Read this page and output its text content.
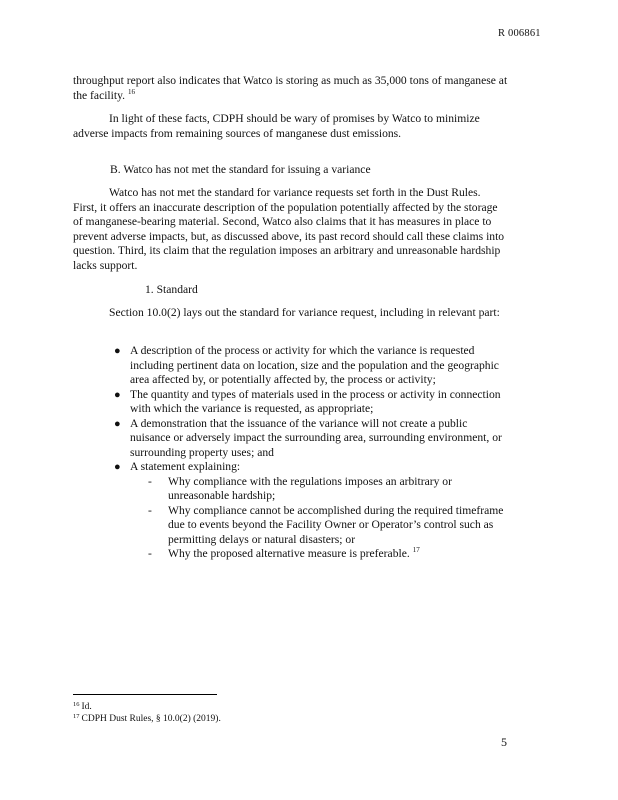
R 006861
throughput report also indicates that Watco is storing as much as 35,000 tons of manganese at the facility. $^{16}$
In light of these facts, CDPH should be wary of promises by Watco to minimize adverse impacts from remaining sources of manganese dust emissions.
B. Watco has not met the standard for issuing a variance
Watco has not met the standard for variance requests set forth in the Dust Rules. First, it offers an inaccurate description of the population potentially affected by the storage of manganese-bearing material. Second, Watco also claims that it has measures in place to prevent adverse impacts, but, as discussed above, its past record should call these claims into question. Third, its claim that the regulation imposes an arbitrary and unreasonable hardship lacks support.
1. Standard
Section 10.0(2) lays out the standard for variance request, including in relevant part:
● A description of the process or activity for which the variance is requested including pertinent data on location, size and the population and the geographic area affected by, or potentially affected by, the process or activity;
● The quantity and types of materials used in the process or activity in connection with which the variance is requested, as appropriate;
● A demonstration that the issuance of the variance will not create a public nuisance or adversely impact the surrounding area, surrounding environment, or surrounding property uses; and
● A statement explaining:
- Why compliance with the regulations imposes an arbitrary or unreasonable hardship;
- Why compliance cannot be accomplished during the required timeframe due to events beyond the Facility Owner or Operator’s control such as permitting delays or natural disasters; or
- Why the proposed alternative measure is preferable. $^{17}$
$^{16}$ Id.
$^{17}$ CDPH Dust Rules, § 10.0(2) (2019).
5
